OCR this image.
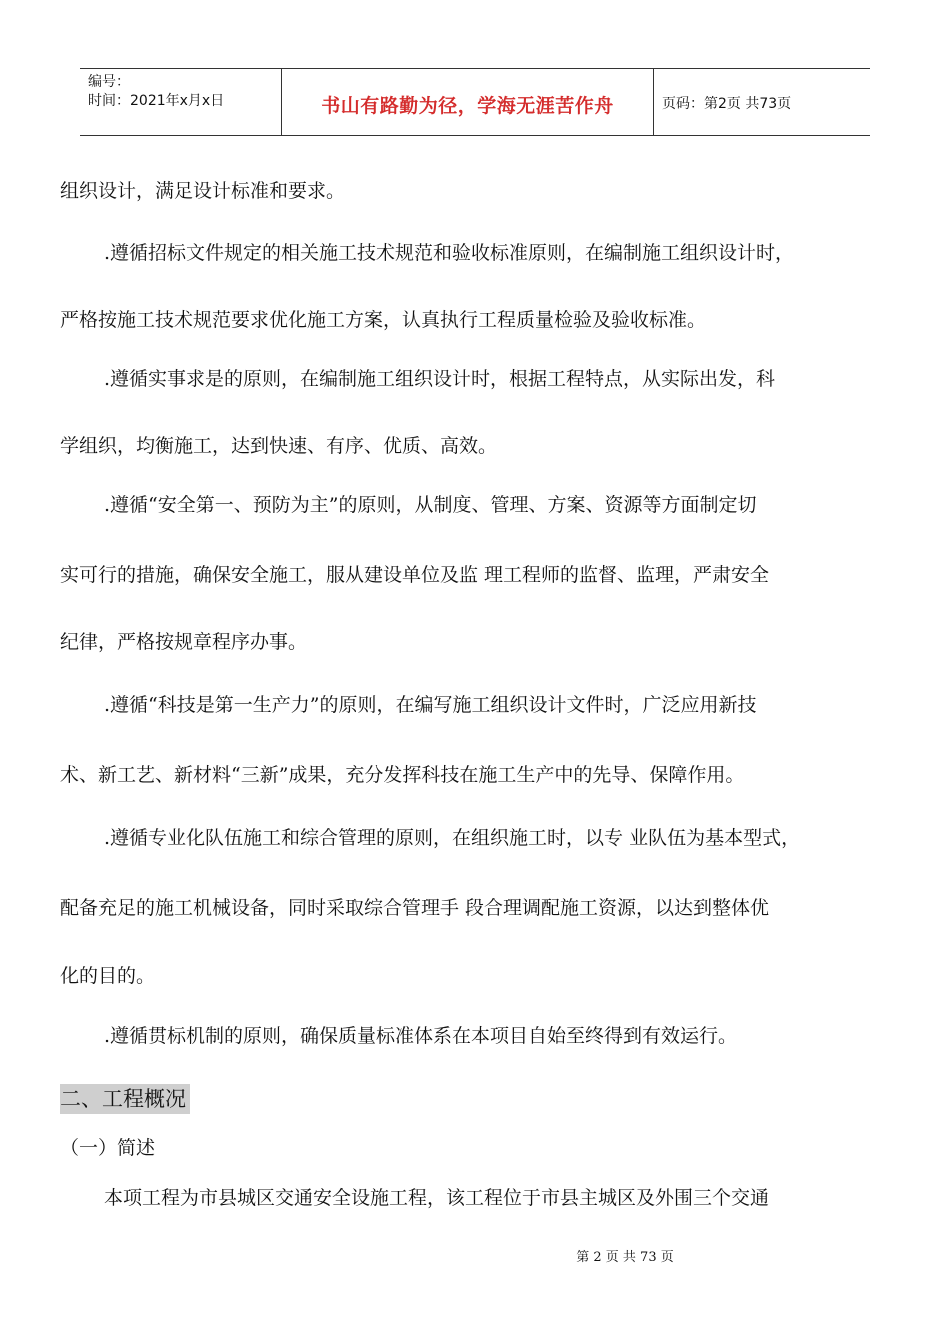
编号：
时间：2021年x月x日	书山有路勤为径，学海无涯苦作舟	页码：第2页 共73页
组织设计，满足设计标准和要求。
.遵循招标文件规定的相关施工技术规范和验收标准原则，在编制施工组织设计时，
严格按施工技术规范要求优化施工方案，认真执行工程质量检验及验收标准。
.遵循实事求是的原则，在编制施工组织设计时，根据工程特点，从实际出发，科
学组织，均衡施工，达到快速、有序、优质、高效。
.遵循“安全第一、预防为主”的原则，从制度、管理、方案、资源等方面制定切
实可行的措施，确保安全施工，服从建设单位及监 理工程师的监督、监理，严肃安全
纪律，严格按规章程序办事。
.遵循“科技是第一生产力”的原则，在编写施工组织设计文件时，广泛应用新技
术、新工艺、新材料“三新”成果，充分发挥科技在施工生产中的先导、保障作用。
.遵循专业化队伍施工和综合管理的原则，在组织施工时，以专 业队伍为基本型式，
配备充足的施工机械设备，同时采取综合管理手 段合理调配施工资源，以达到整体优
化的目的。
.遵循贯标机制的原则，确保质量标准体系在本项目自始至终得到有效运行。
二、工程概况
（一）简述
本项工程为市县城区交通安全设施工程，该工程位于市县主城区及外围三个交通
第 2 页 共 73 页
